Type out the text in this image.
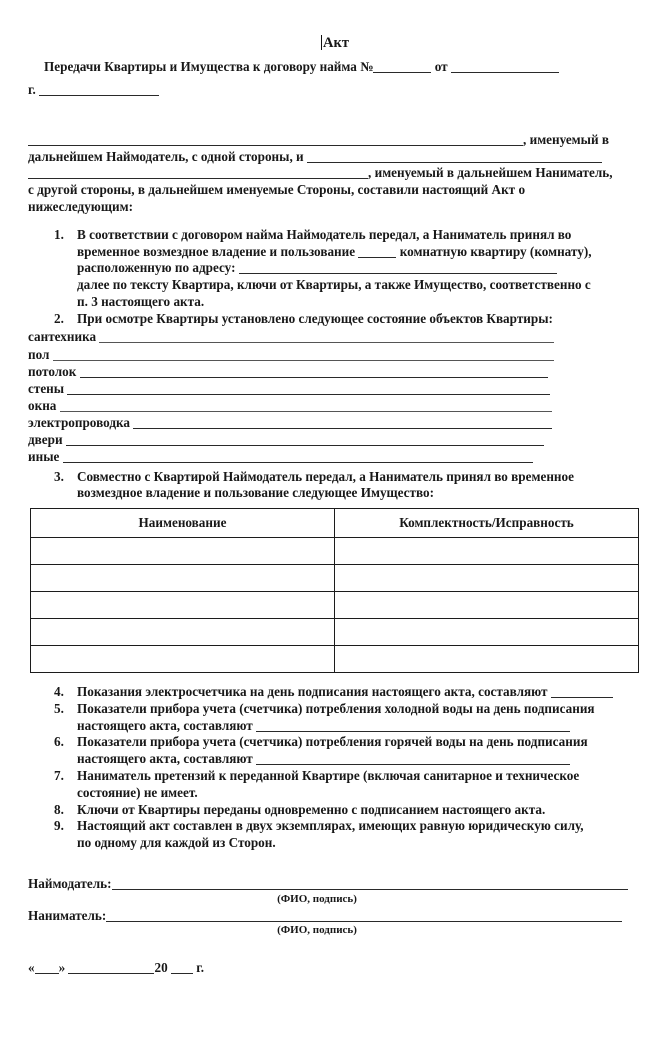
Акт
Передачи Квартиры и Имущества к договору найма №	от
г.

, именуемый в

дальнейшем Наймодатель, с одной стороны, и

, именуемый в дальнейшем Наниматель,

с другой стороны, в дальнейшем именуемые Стороны, составили настоящий Акт о

нижеследующим:

В соответствии с договором найма Наймодатель передал, а Наниматель принял во
временное возмездное владение и пользование	комнатную квартиру (комнату),
расположенную по адресу:
далее по тексту Квартира, ключи от Квартиры, а также Имущество, соответственно с
п. 3 настоящего акта.
При осмотре Квартиры установлено следующее состояние объектов Квартиры:
сантехника
пол
потолок
стены
окна
электропроводка
двери
иные
Совместно с Квартирой Наймодатель передал, а Наниматель принял во временное
возмездное владение и пользование следующее Имущество:
Наименование	Комплектность/Исправность

Показания электросчетчика на день подписания настоящего акта, составляют
Показатели прибора учета (счетчика) потребления холодной воды на день подписания
настоящего акта, составляют
Показатели прибора учета (счетчика) потребления горячей воды на день подписания
настоящего акта, составляют
Наниматель претензий к переданной Квартире (включая санитарное и техническое
состояние) не имеет.
Ключи от Квартиры переданы одновременно с подписанием настоящего акта.
Настоящий акт составлен в двух экземплярах, имеющих равную юридическую силу,
по одному для каждой из Сторон.
Наймодатель:
(ФИО, подпись)
Наниматель:
(ФИО, подпись)
« »	20 г.
